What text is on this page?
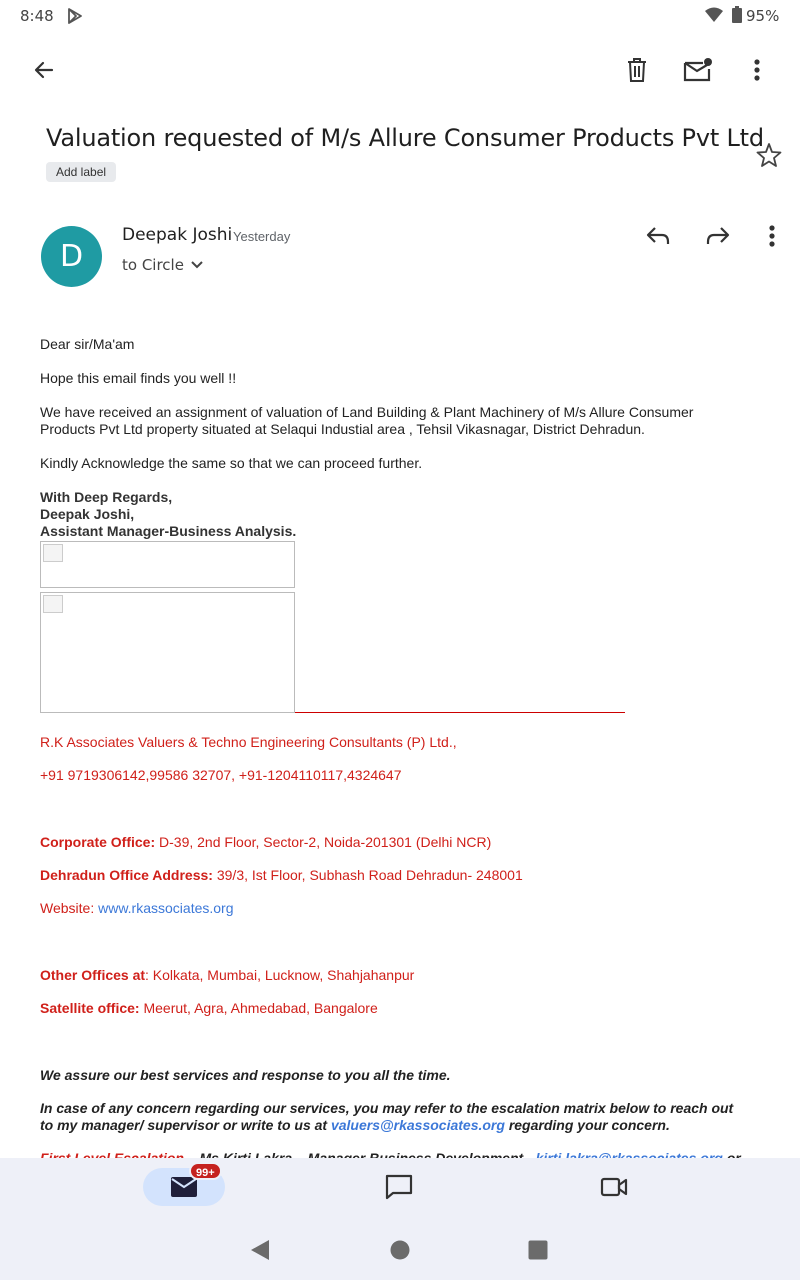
8:48	95%
Valuation requested of M/s Allure Consumer Products Pvt Ltd
Add label
D
Deepak Joshi Yesterday
to Circle

Dear sir/Ma'am

Hope this email finds you well !!

We have received an assignment of valuation of Land Building & Plant Machinery of M/s Allure Consumer Products Pvt Ltd property situated at Selaqui Industial area , Tehsil Vikasnagar, District Dehradun.

Kindly Acknowledge the same so that we can proceed further.

With Deep Regards,
Deepak Joshi,
Assistant Manager-Business Analysis.
R.K Associates Valuers & Techno Engineering Consultants (P) Ltd.,
+91 9719306142,99586 32707, +91-1204110117,4324647
Corporate Office: D-39, 2nd Floor, Sector-2, Noida-201301 (Delhi NCR)
Dehradun Office Address: 39/3, Ist Floor, Subhash Road Dehradun- 248001
Website: www.rkassociates.org
Other Offices at: Kolkata, Mumbai, Lucknow, Shahjahanpur
Satellite office: Meerut, Agra, Ahmedabad, Bangalore
We assure our best services and response to you all the time.
In case of any concern regarding our services, you may refer to the escalation matrix below to reach out to my manager/ supervisor or write to us at valuers@rkassociates.org regarding your concern.
99+
